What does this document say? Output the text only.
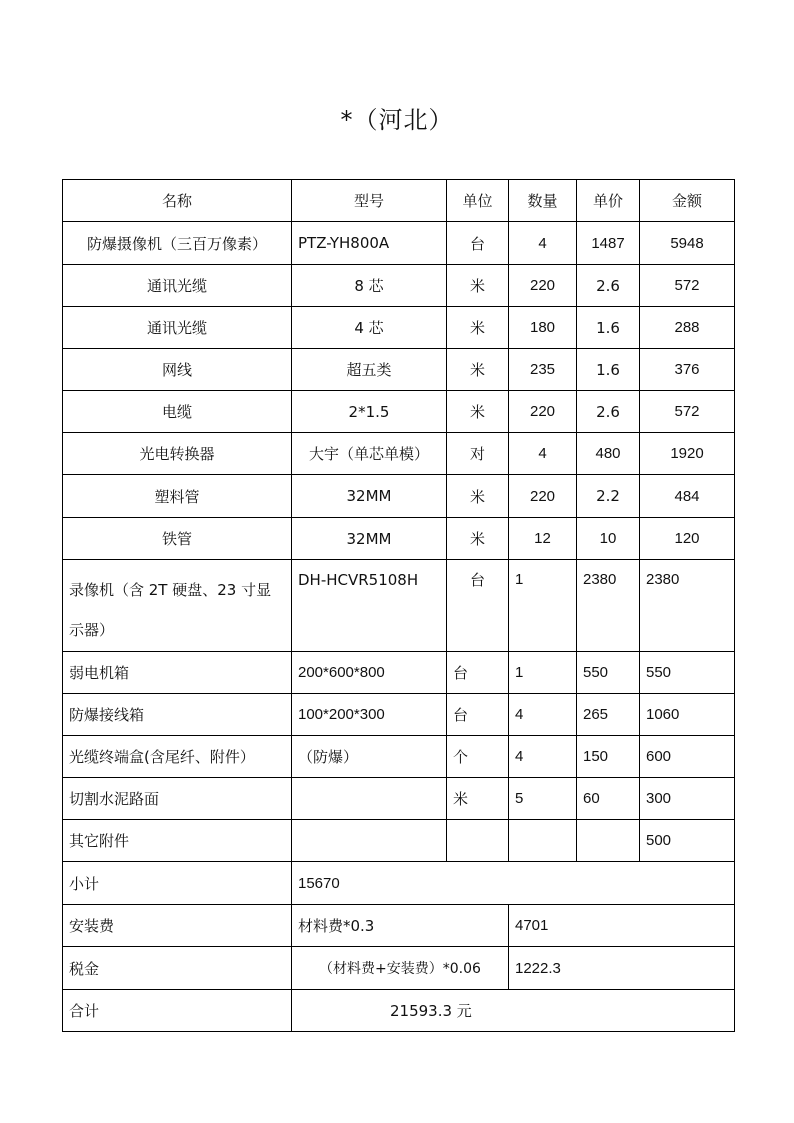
*（河北）
名称	型号	单位	数量	单价	金额
防爆摄像机（三百万像素）	PTZ-YH800A	台	4	1487	5948
通讯光缆	8 芯	米	220	2.6	572
通讯光缆	4 芯	米	180	1.6	288
网线	超五类	米	235	1.6	376
电缆	2*1.5	米	220	2.6	572
光电转换器	大宇（单芯单模）	对	4	480	1920
塑料管	32MM	米	220	2.2	484
铁管	32MM	米	12	10	120
录像机（含 2T 硬盘、23 寸显示器）	DH-HCVR5108H	台	1	2380	2380
弱电机箱	200*600*800	台	1	550	550
防爆接线箱	100*200*300	台	4	265	1060
光缆终端盒(含尾纤、附件）	（防爆）	个	4	150	600
切割水泥路面		米	5	60	300
其它附件					500
小计	15670				
安装费	材料费*0.3		4701		
税金	（材料费+安装费）*0.06		1222.3		
合计	21593.3 元				
